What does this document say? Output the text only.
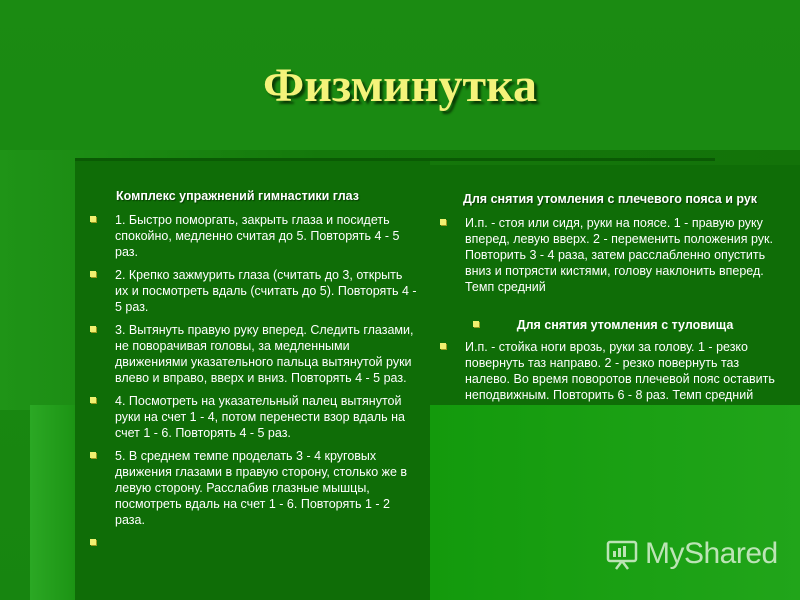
Физминутка
Комплекс упражнений гимнастики глаз
1. Быстро поморгать, закрыть глаза и посидеть спокойно, медленно считая до 5. Повторять 4 - 5 раз.
2. Крепко зажмурить глаза (считать до 3, открыть их и посмотреть вдаль (считать до 5). Повторять 4 - 5 раз.
3. Вытянуть правую руку вперед. Следить глазами, не поворачивая головы, за медленными движениями указательного пальца вытянутой руки влево и вправо, вверх и вниз. Повторять 4 - 5 раз.
4. Посмотреть на указательный палец вытянутой руки на счет 1 - 4, потом перенести взор вдаль на счет 1 - 6. Повторять 4 - 5 раз.
5. В среднем темпе проделать 3 - 4 круговых движения глазами в правую сторону, столько же в левую сторону. Расслабив глазные мышцы, посмотреть вдаль на счет 1 - 6. Повторять 1 - 2 раза.
Для снятия утомления с плечевого пояса и рук
И.п. - стоя или сидя, руки на поясе. 1 - правую руку вперед, левую вверх. 2 - переменить положения рук. Повторить 3 - 4 раза, затем расслабленно опустить вниз и потрясти кистями, голову наклонить вперед. Темп средний
Для снятия утомления с туловища
И.п. - стойка ноги врозь, руки за голову. 1 - резко повернуть таз направо. 2 - резко повернуть таз налево. Во время поворотов плечевой пояс оставить неподвижным. Повторить 6 - 8 раз. Темп средний
MyShared
